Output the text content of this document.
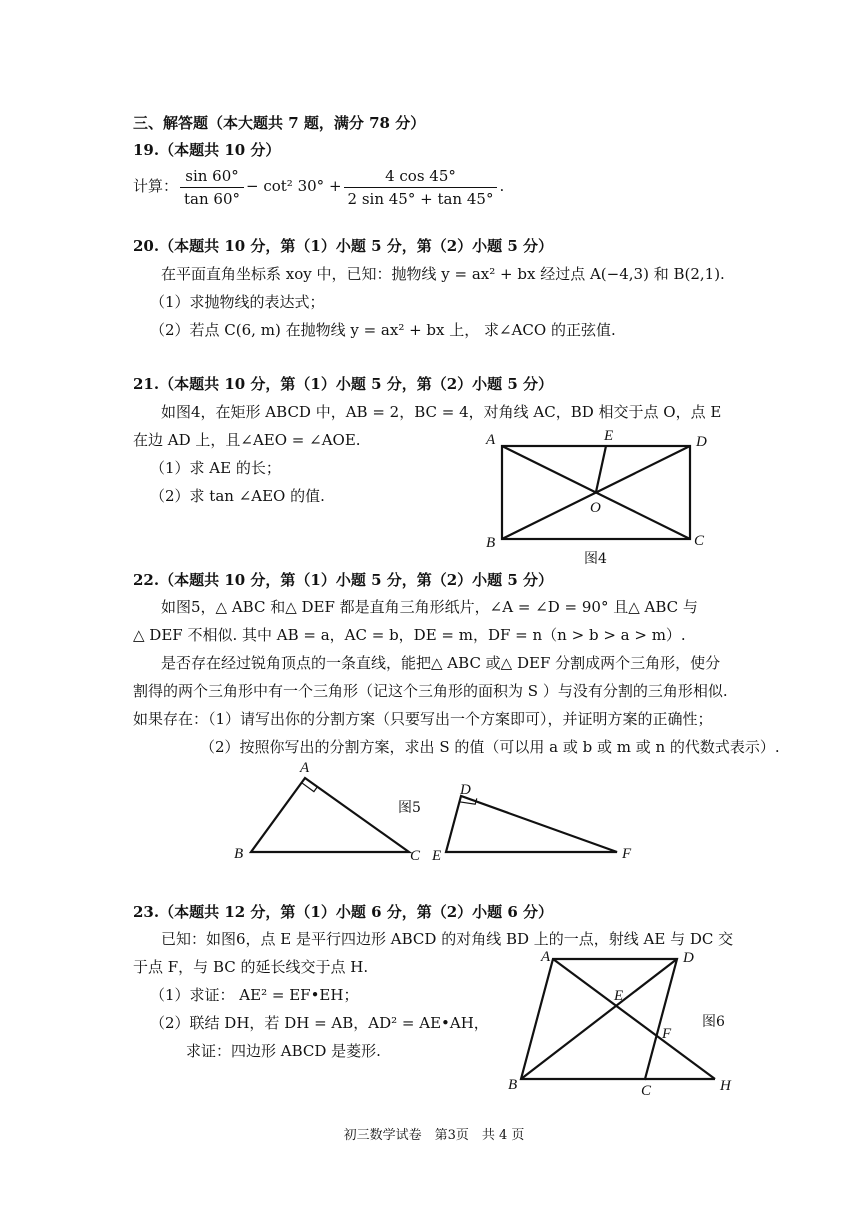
三、解答题（本大题共 7 题，满分 78 分）
19.（本题共 10 分）
计算： $\frac{\sin 60^\circ}{\tan 60^\circ} - \cot^2$ $30^\circ + \frac{4 \cos 45^\circ}{2 \sin 45^\circ + \tan 45^\circ}$ .
20.（本题共 10 分，第（1）小题 5 分，第（2）小题 5 分）
在平面直角坐标系 xoy 中，已知：抛物线 y = ax² + bx 经过点 A(−4,3) 和 B(2,1).
（1）求抛物线的表达式；
（2）若点 C(6, m) 在抛物线 y = ax² + bx 上， 求∠ACO 的正弦值.
21.（本题共 10 分，第（1）小题 5 分，第（2）小题 5 分）
如图4，在矩形 ABCD 中，AB = 2，BC = 4，对角线 AC，BD 相交于点 O，点 E
在边 AD 上，且∠AEO = ∠AOE.
（1）求 AE 的长；
（2）求 tan ∠AEO 的值.
A
B	C
D
E
O
图4
22.（本题共 10 分，第（1）小题 5 分，第（2）小题 5 分）
如图5，△ ABC 和△ DEF 都是直角三角形纸片，∠A = ∠D = 90° 且△ ABC 与
△ DEF 不相似. 其中 AB = a，AC = b，DE = m，DF = n（n > b > a > m）.
是否存在经过锐角顶点的一条直线，能把△ ABC 或△ DEF 分割成两个三角形，使分
割得的两个三角形中有一个三角形（记这个三角形的面积为 S ）与没有分割的三角形相似.
如果存在：（1）请写出你的分割方案（只要写出一个方案即可），并证明方案的正确性；
（2）按照你写出的分割方案，求出 S 的值（可以用 a 或 b 或 m 或 n 的代数式表示）.
A
B	C
D
E	F
图5
23.（本题共 12 分，第（1）小题 6 分，第（2）小题 6 分）
已知：如图6，点 E 是平行四边形 ABCD 的对角线 BD 上的一点，射线 AE 与 DC 交
于点 F，与 BC 的延长线交于点 H.
（1）求证： AE² = EF•EH；
（2）联结 DH，若 DH = AB，AD² = AE•AH，
求证：四边形 ABCD 是菱形.
A
B	C
D
E
F
H
图6
初三数学试卷　第3页　共 4 页
